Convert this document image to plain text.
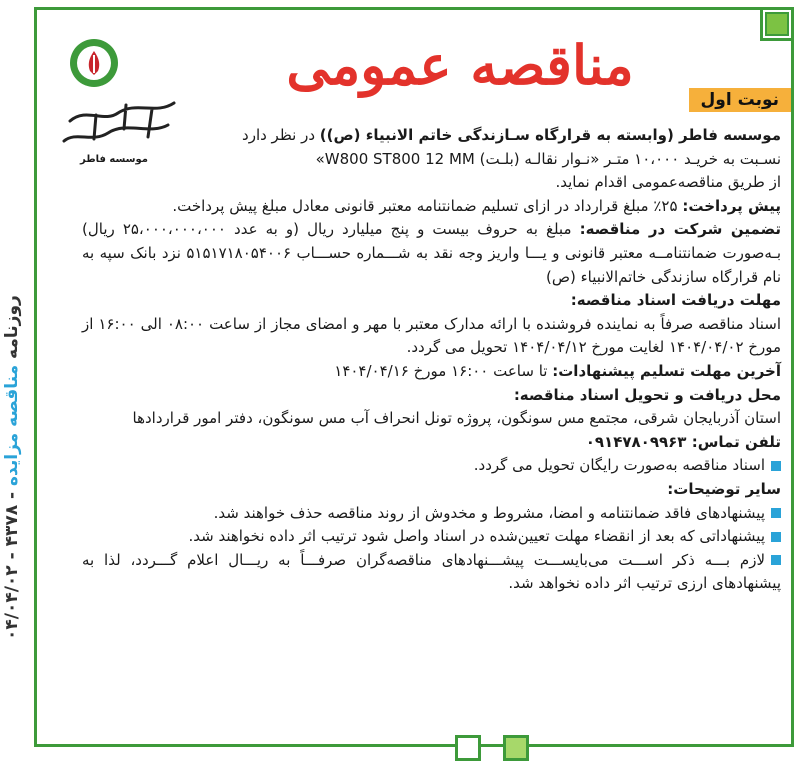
روزنامه مناقصه مزایده - ۴۳۷۸ - ۰۴/۰۴/۰۲
موسسه فاطر
مناقصه عمومی
نوبت اول

موسسه فاطر (وابسته به قرارگاه سـازندگی خاتم الانبیاء (ص)) در نظر دارد

نسـبت به خریـد ۱۰،۰۰۰ متـر «نـوار نقالـه (بلـت) W800 ST800 12 MM»

از طریق مناقصه‌عمومی اقدام نماید.

پیش پرداخت: ۲۵٪ مبلغ قرارداد در ازای تسلیم ضمانتنامه معتبر قانونی معادل مبلغ پیش پرداخت.

تضمین شرکت در مناقصه: مبلغ به حروف بیست و پنج میلیارد ریال (و به عدد ۲۵،۰۰۰،۰۰۰،۰۰۰ ریال) بـه‌صورت ضمانتنامــه معتبر قانونی و یـــا واریز وجه نقد به شـــماره حســـاب ۵۱۵۱۷۱۸۰۵۴۰۰۶ نزد بانک سپه به نام قرارگاه سازندگی خاتم‌الانبیاء (ص)

مهلت دریافت اسناد مناقصه:

اسناد مناقصه صرفاً به نماینده فروشنده با ارائه مدارک معتبر با مهر و امضای مجاز از ساعت ۰۸:۰۰ الی ۱۶:۰۰ از مورخ ۱۴۰۴/۰۴/۰۲ لغایت مورخ ۱۴۰۴/۰۴/۱۲ تحویل می گردد.

آخرین مهلت تسلیم پیشنهادات: تا ساعت ۱۶:۰۰ مورخ ۱۴۰۴/۰۴/۱۶

محل دریافت و تحویل اسناد مناقصه:

استان آذربایجان شرقی، مجتمع مس سونگون، پروژه تونل انحراف آب مس سونگون، دفتر امور قراردادها

تلفن تماس: ۰۹۱۴۷۸۰۹۹۶۳

اسناد مناقصه به‌صورت رایگان تحویل می گردد.

سایر توضیحات:

پیشنهادهای فاقد ضمانتنامه و امضا، مشروط و مخدوش از روند مناقصه حذف خواهند شد.

پیشنهاداتی که بعد از انقضاء مهلت تعیین‌شده در اسناد واصل شود ترتیب اثر داده نخواهند شد.

لازم بـــه ذکر اســـت می‌بایســـت پیشـــنهادهای مناقصه‌گران صرفـــاً به ریـــال اعلام گـــردد، لذا به پیشنهادهای ارزی ترتیب اثر داده نخواهد شد.
